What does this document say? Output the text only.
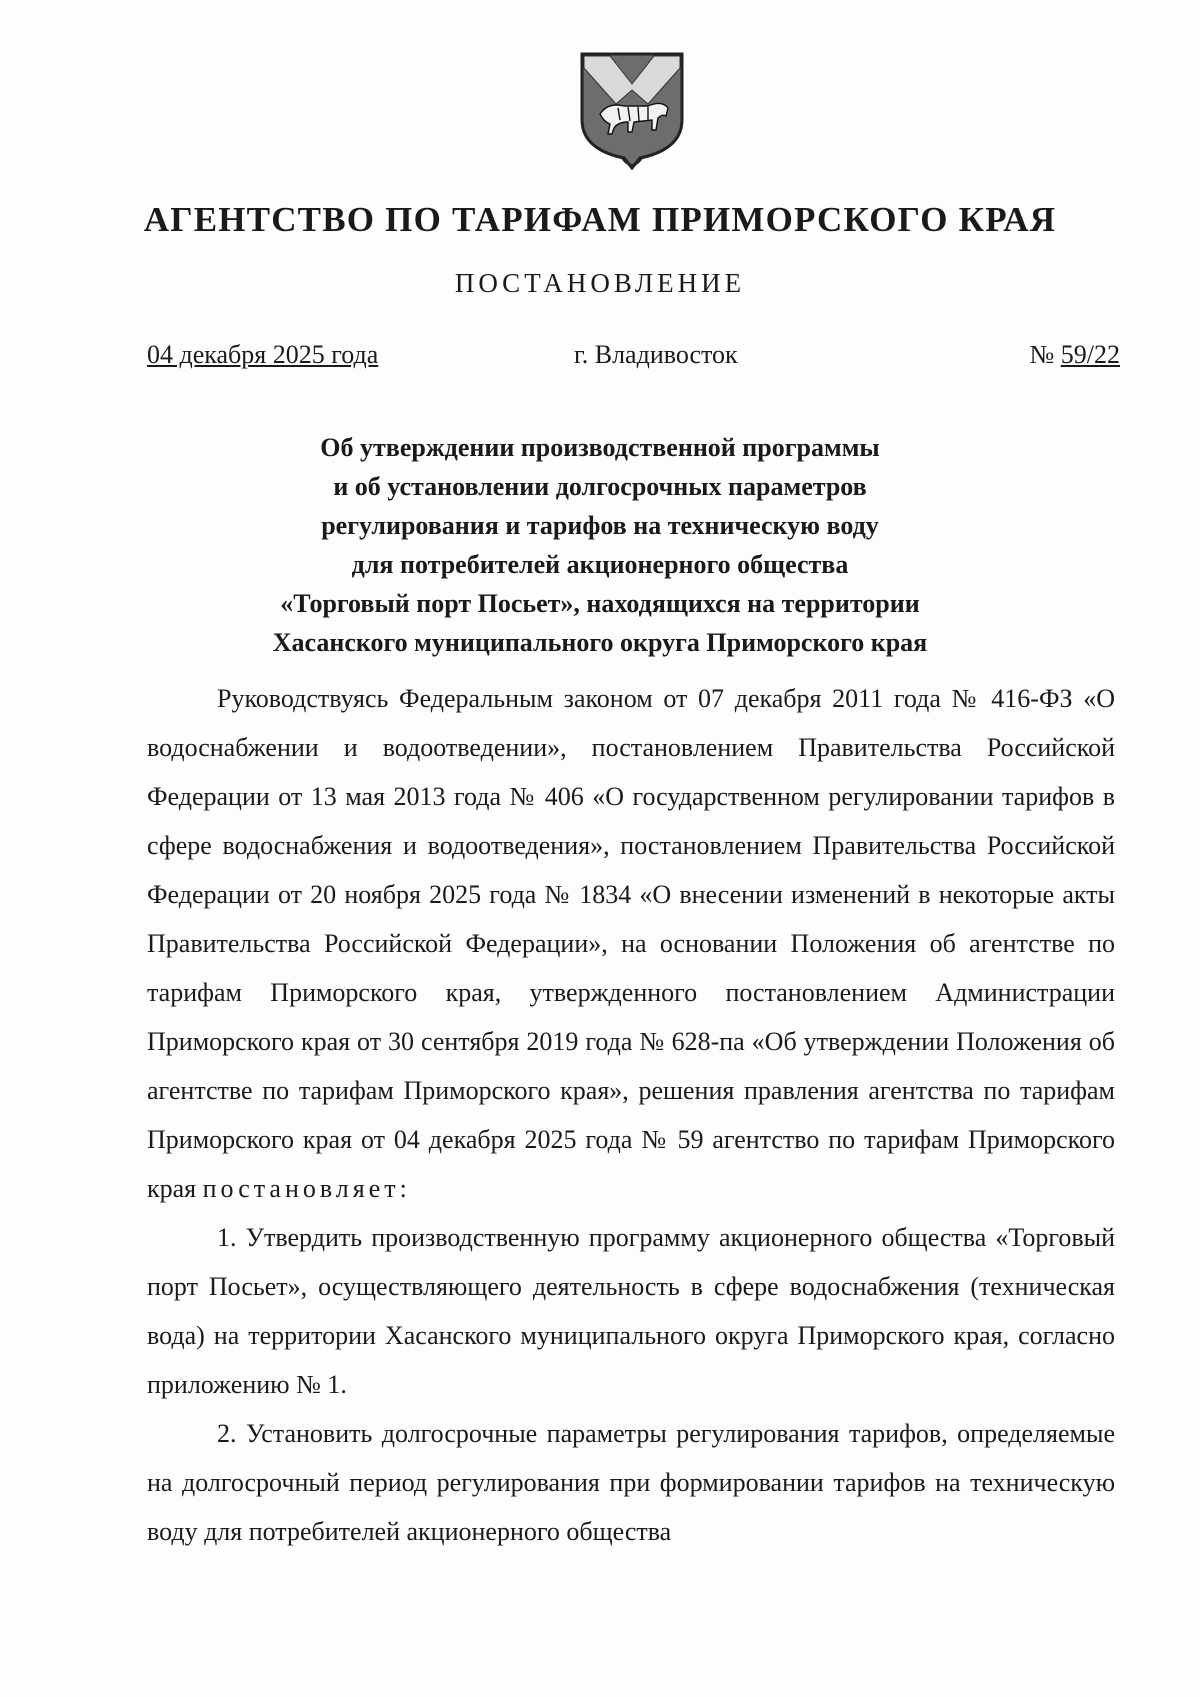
АГЕНТСТВО ПО ТАРИФАМ ПРИМОРСКОГО КРАЯ
ПОСТАНОВЛЕНИЕ
04 декабря 2025 года	г. Владивосток	№ 59/22
Об утверждении производственной программы
и об установлении долгосрочных параметров
регулирования и тарифов на техническую воду
для потребителей акционерного общества
«Торговый порт Посьет», находящихся на территории
Хасанского муниципального округа Приморского края

Руководствуясь Федеральным законом от 07 декабря 2011 года № 416-ФЗ «О водоснабжении и водоотведении», постановлением Правительства Российской Федерации от 13 мая 2013 года № 406 «О государственном регулировании тарифов в сфере водоснабжения и водоотведения», постановлением Правительства Российской Федерации от 20 ноября 2025 года № 1834 «О внесении изменений в некоторые акты Правительства Российской Федерации», на основании Положения об агентстве по тарифам Приморского края, утвержденного постановлением Администрации Приморского края от 30 сентября 2019 года № 628-па «Об утверждении Положения об агентстве по тарифам Приморского края», решения правления агентства по тарифам Приморского края от 04 декабря 2025 года № 59 агентство по тарифам Приморского края постановляет:

1. Утвердить производственную программу акционерного общества «Торговый порт Посьет», осуществляющего деятельность в сфере водоснабжения (техническая вода) на территории Хасанского муниципального округа Приморского края, согласно приложению № 1.

2. Установить долгосрочные параметры регулирования тарифов, определяемые на долгосрочный период регулирования при формировании тарифов на техническую воду для потребителей акционерного общества
